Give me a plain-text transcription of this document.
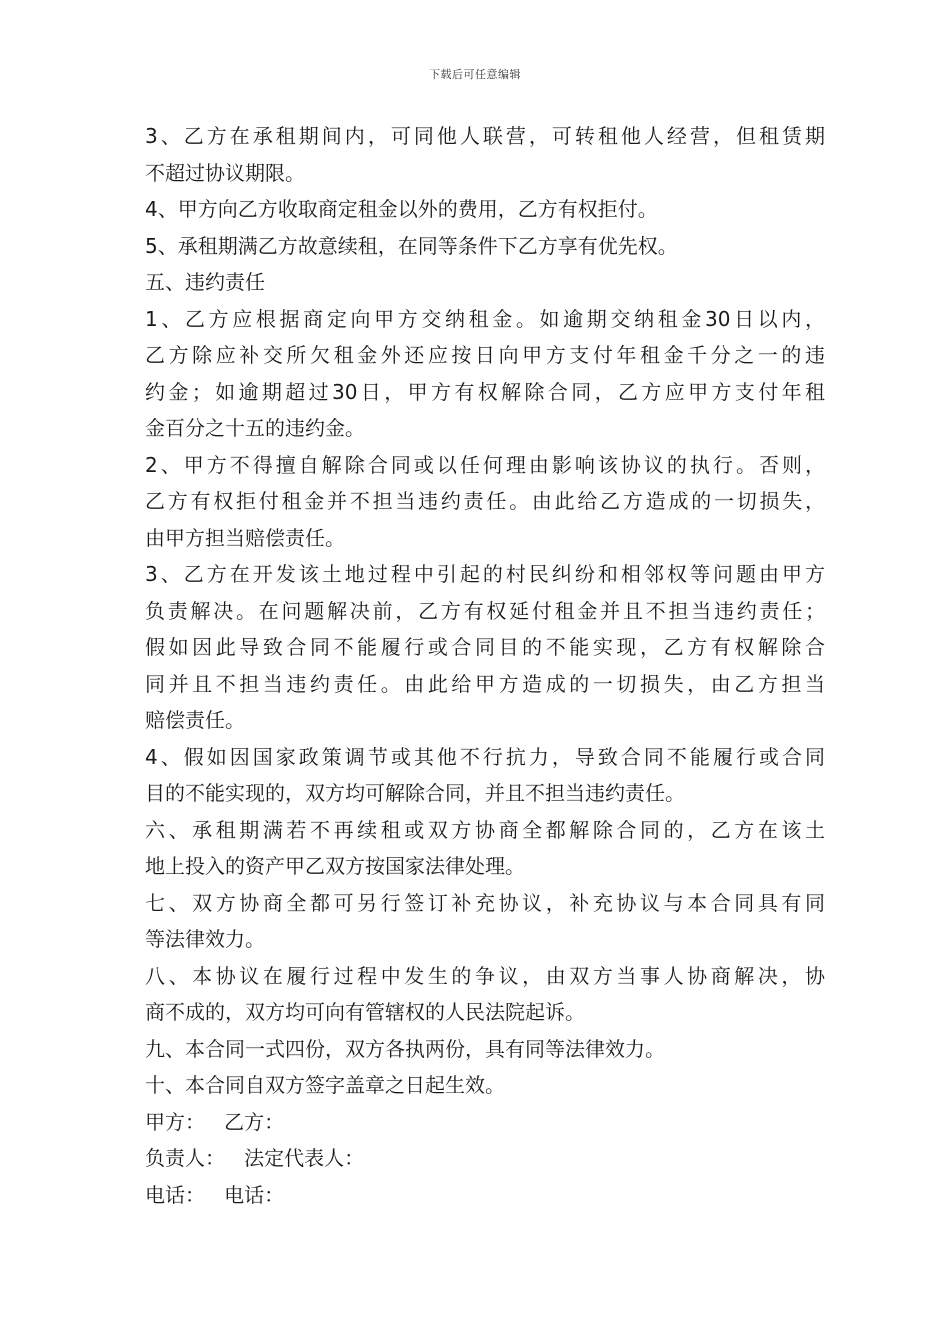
下载后可任意编辑
3、乙方在承租期间内，可同他人联营，可转租他人经营，但租赁期
不超过协议期限。
4、甲方向乙方收取商定租金以外的费用，乙方有权拒付。
5、承租期满乙方故意续租，在同等条件下乙方享有优先权。
五、违约责任
1、乙方应根据商定向甲方交纳租金。如逾期交纳租金30日以内，
乙方除应补交所欠租金外还应按日向甲方支付年租金千分之一的违
约金；如逾期超过30日，甲方有权解除合同，乙方应甲方支付年租
金百分之十五的违约金。
2、甲方不得擅自解除合同或以任何理由影响该协议的执行。否则，
乙方有权拒付租金并不担当违约责任。由此给乙方造成的一切损失，
由甲方担当赔偿责任。
3、乙方在开发该土地过程中引起的村民纠纷和相邻权等问题由甲方
负责解决。在问题解决前，乙方有权延付租金并且不担当违约责任；
假如因此导致合同不能履行或合同目的不能实现，乙方有权解除合
同并且不担当违约责任。由此给甲方造成的一切损失，由乙方担当
赔偿责任。
4、假如因国家政策调节或其他不行抗力，导致合同不能履行或合同
目的不能实现的，双方均可解除合同，并且不担当违约责任。
六、承租期满若不再续租或双方协商全都解除合同的，乙方在该土
地上投入的资产甲乙双方按国家法律处理。
七、双方协商全都可另行签订补充协议，补充协议与本合同具有同
等法律效力。
八、本协议在履行过程中发生的争议，由双方当事人协商解决，协
商不成的，双方均可向有管辖权的人民法院起诉。
九、本合同一式四份，双方各执两份，具有同等法律效力。
十、本合同自双方签字盖章之日起生效。
甲方：   乙方：
负责人：   法定代表人：
电话：   电话：
